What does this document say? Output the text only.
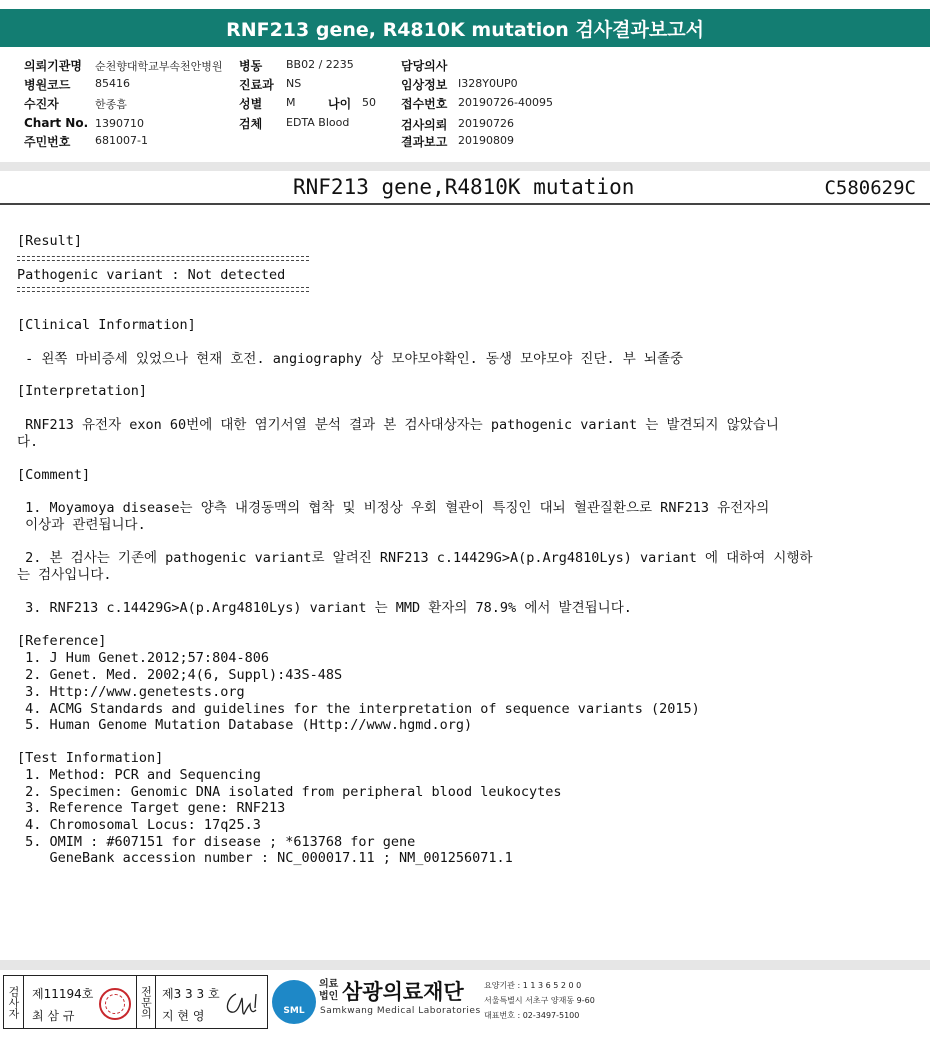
RNF213 gene, R4810K mutation 검사결과보고서
의뢰기관명 순천향대학교부속천안병원 병동 BB02 / 2235	담당의사
병원코드 85416	진료과 NS	임상정보 I328Y0UP0
수진자	한종흠	성별 M	나이 50 접수번호 20190726-40095
Chart No. 1390710	검체 EDTA Blood	검사의뢰 20190726
주민번호 681007-1	결과보고 20190809
RNF213 gene,R4810K mutation	C580629C
[Result]
Pathogenic variant : Not detected
[Clinical Information]
- 왼쪽 마비증세 있었으나 현재 호전. angiography 상 모야모야확인. 동생 모야모야 진단. 부 뇌졸중
[Interpretation]
RNF213 유전자 exon 60번에 대한 염기서열 분석 결과 본 검사대상자는 pathogenic variant 는 발견되지 않았습니
다.
[Comment]
1. Moyamoya disease는 양측 내경동맥의 협착 및 비정상 우회 혈관이 특징인 대뇌 혈관질환으로 RNF213 유전자의
이상과 관련됩니다.
2. 본 검사는 기존에 pathogenic variant로 알려진 RNF213 c.14429G>A(p.Arg4810Lys) variant 에 대하여 시행하
는 검사입니다.
3. RNF213 c.14429G>A(p.Arg4810Lys) variant 는 MMD 환자의 78.9% 에서 발견됩니다.
[Reference]
1. J Hum Genet.2012;57:804-806
2. Genet. Med. 2002;4(6, Suppl):43S-48S
3. Http://www.genetests.org
4. ACMG Standards and guidelines for the interpretation of sequence variants (2015)
5. Human Genome Mutation Database (Http://www.hgmd.org)
[Test Information]
1. Method: PCR and Sequencing
2. Specimen: Genomic DNA isolated from peripheral blood leukocytes
3. Reference Target gene: RNF213
4. Chromosomal Locus: 17q25.3
5. OMIM : #607151 for disease ; *613768 for gene
GeneBank accession number : NC_000017.11 ; NM_001256071.1
검사자 제11194호
최 삼 규	전문의 제3 3 3 호
지 현 영	SML
의료법인 삼광의료재단
Samkwang Medical Laboratories
요양기관 : 1 1 3 6 5 2 0 0
서울특별시 서초구 양재동 9-60
대표번호 : 02-3497-5100
